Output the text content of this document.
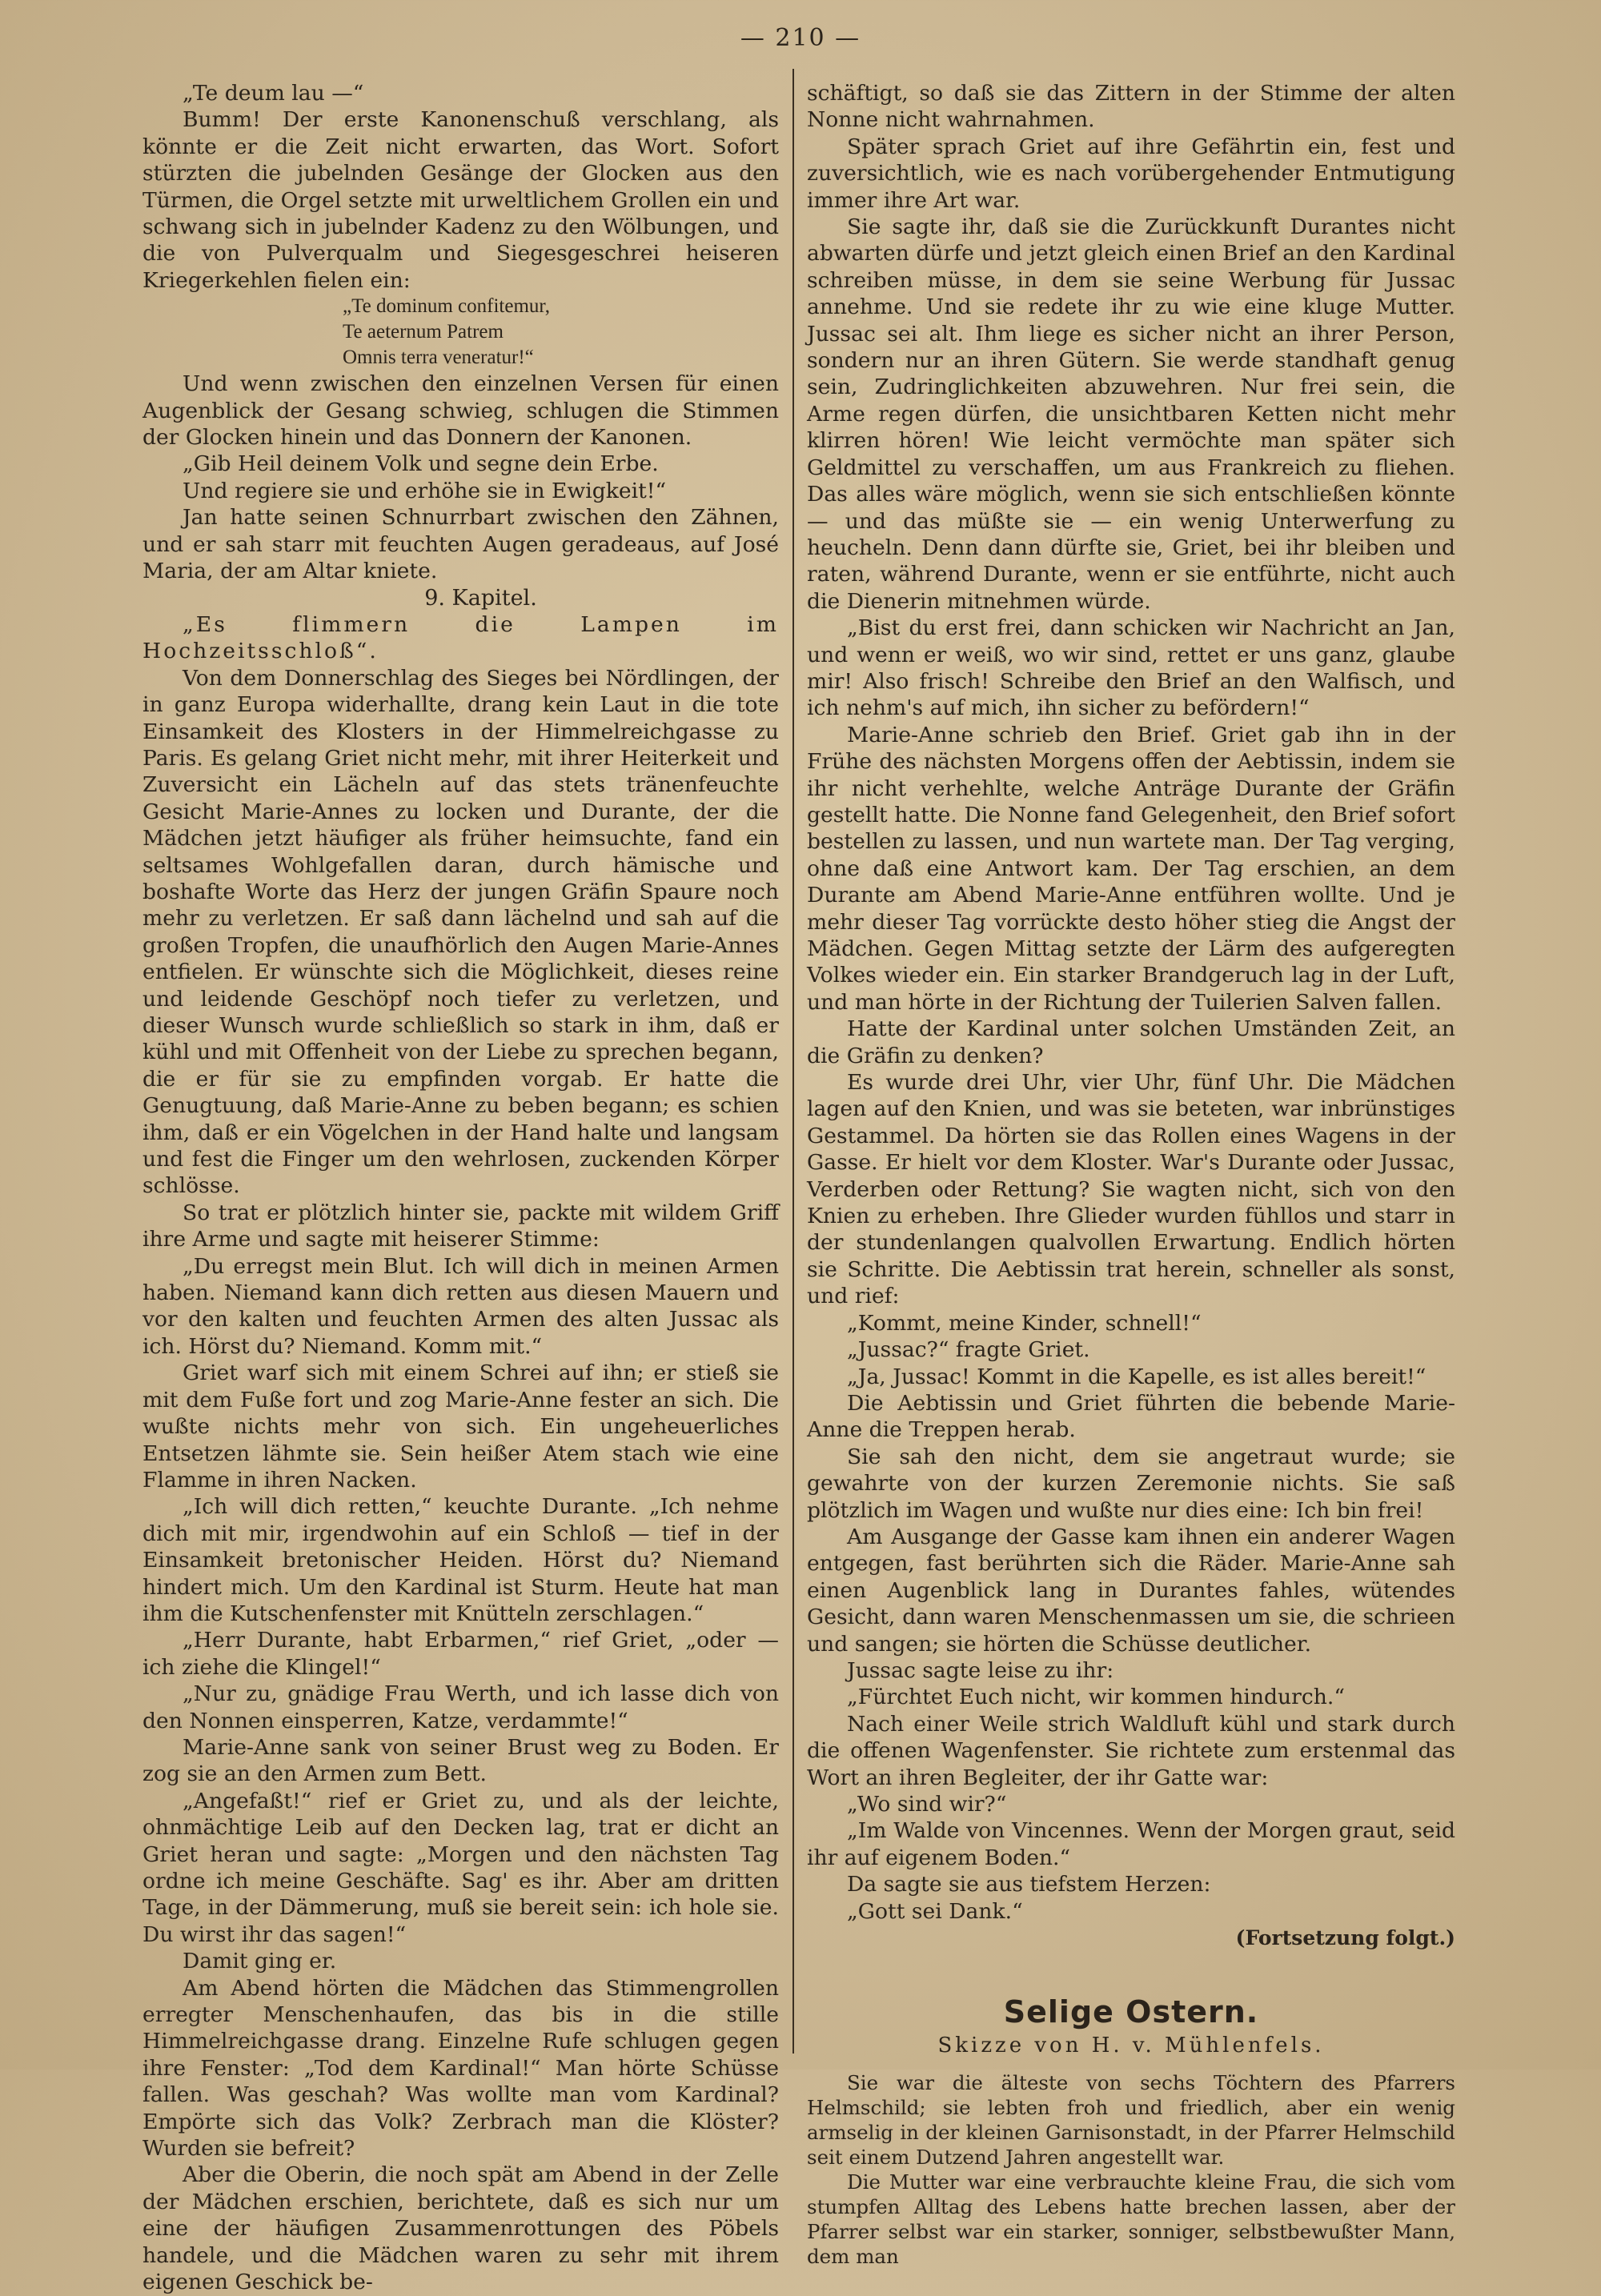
— 210 —

„Te deum lau —“

Bumm! Der erste Kanonenschuß verschlang, als könnte er die Zeit nicht erwarten, das Wort. Sofort stürzten die jubelnden Gesänge der Glocken aus den Türmen, die Orgel setzte mit urweltlichem Grollen ein und schwang sich in jubelnder Kadenz zu den Wölbungen, und die von Pulverqualm und Siegesgeschrei heiseren Kriegerkehlen fielen ein:

„Te dominum confitemur,

Te aeternum Patrem

Omnis terra veneratur!“

Und wenn zwischen den einzelnen Versen für einen Augenblick der Gesang schwieg, schlugen die Stimmen der Glocken hinein und das Donnern der Kanonen.

„Gib Heil deinem Volk und segne dein Erbe.

Und regiere sie und erhöhe sie in Ewigkeit!“

Jan hatte seinen Schnurrbart zwischen den Zähnen, und er sah starr mit feuchten Augen geradeaus, auf José Maria, der am Altar kniete.

9. Kapitel.

„Es flimmern die Lampen im Hochzeitsschloß“.

Von dem Donnerschlag des Sieges bei Nördlingen, der in ganz Europa widerhallte, drang kein Laut in die tote Einsamkeit des Klosters in der Himmelreichgasse zu Paris. Es gelang Griet nicht mehr, mit ihrer Heiterkeit und Zuversicht ein Lächeln auf das stets tränenfeuchte Gesicht Marie-Annes zu locken und Durante, der die Mädchen jetzt häufiger als früher heimsuchte, fand ein seltsames Wohlgefallen daran, durch hämische und boshafte Worte das Herz der jungen Gräfin Spaure noch mehr zu verletzen. Er saß dann lächelnd und sah auf die großen Tropfen, die unaufhörlich den Augen Marie-Annes entfielen. Er wünschte sich die Möglichkeit, dieses reine und leidende Geschöpf noch tiefer zu verletzen, und dieser Wunsch wurde schließlich so stark in ihm, daß er kühl und mit Offenheit von der Liebe zu sprechen begann, die er für sie zu empfinden vorgab. Er hatte die Genugtuung, daß Marie-Anne zu beben begann; es schien ihm, daß er ein Vögelchen in der Hand halte und langsam und fest die Finger um den wehrlosen, zuckenden Körper schlösse.

So trat er plötzlich hinter sie, packte mit wildem Griff ihre Arme und sagte mit heiserer Stimme:

„Du erregst mein Blut. Ich will dich in meinen Armen haben. Niemand kann dich retten aus diesen Mauern und vor den kalten und feuchten Armen des alten Jussac als ich. Hörst du? Niemand. Komm mit.“

Griet warf sich mit einem Schrei auf ihn; er stieß sie mit dem Fuße fort und zog Marie-Anne fester an sich. Die wußte nichts mehr von sich. Ein ungeheuerliches Entsetzen lähmte sie. Sein heißer Atem stach wie eine Flamme in ihren Nacken.

„Ich will dich retten,“ keuchte Durante. „Ich nehme dich mit mir, irgendwohin auf ein Schloß — tief in der Einsamkeit bretonischer Heiden. Hörst du? Niemand hindert mich. Um den Kardinal ist Sturm. Heute hat man ihm die Kutschenfenster mit Knütteln zerschlagen.“

„Herr Durante, habt Erbarmen,“ rief Griet, „oder — ich ziehe die Klingel!“

„Nur zu, gnädige Frau Werth, und ich lasse dich von den Nonnen einsperren, Katze, verdammte!“

Marie-Anne sank von seiner Brust weg zu Boden. Er zog sie an den Armen zum Bett.

„Angefaßt!“ rief er Griet zu, und als der leichte, ohnmächtige Leib auf den Decken lag, trat er dicht an Griet heran und sagte: „Morgen und den nächsten Tag ordne ich meine Geschäfte. Sag' es ihr. Aber am dritten Tage, in der Dämmerung, muß sie bereit sein: ich hole sie. Du wirst ihr das sagen!“

Damit ging er.

Am Abend hörten die Mädchen das Stimmengrollen erregter Menschenhaufen, das bis in die stille Himmelreichgasse drang. Einzelne Rufe schlugen gegen ihre Fenster: „Tod dem Kardinal!“ Man hörte Schüsse fallen. Was geschah? Was wollte man vom Kardinal? Empörte sich das Volk? Zerbrach man die Klöster? Wurden sie befreit?

Aber die Oberin, die noch spät am Abend in der Zelle der Mädchen erschien, berichtete, daß es sich nur um eine der häufigen Zusammenrottungen des Pöbels handele, und die Mädchen waren zu sehr mit ihrem eigenen Geschick be-

schäftigt, so daß sie das Zittern in der Stimme der alten Nonne nicht wahrnahmen.

Später sprach Griet auf ihre Gefährtin ein, fest und zuversichtlich, wie es nach vorübergehender Entmutigung immer ihre Art war.

Sie sagte ihr, daß sie die Zurückkunft Durantes nicht abwarten dürfe und jetzt gleich einen Brief an den Kardinal schreiben müsse, in dem sie seine Werbung für Jussac annehme. Und sie redete ihr zu wie eine kluge Mutter. Jussac sei alt. Ihm liege es sicher nicht an ihrer Person, sondern nur an ihren Gütern. Sie werde standhaft genug sein, Zudringlichkeiten abzuwehren. Nur frei sein, die Arme regen dürfen, die unsichtbaren Ketten nicht mehr klirren hören! Wie leicht vermöchte man später sich Geldmittel zu verschaffen, um aus Frankreich zu fliehen. Das alles wäre möglich, wenn sie sich entschließen könnte — und das müßte sie — ein wenig Unterwerfung zu heucheln. Denn dann dürfte sie, Griet, bei ihr bleiben und raten, während Durante, wenn er sie entführte, nicht auch die Dienerin mitnehmen würde.

„Bist du erst frei, dann schicken wir Nachricht an Jan, und wenn er weiß, wo wir sind, rettet er uns ganz, glaube mir! Also frisch! Schreibe den Brief an den Walfisch, und ich nehm's auf mich, ihn sicher zu befördern!“

Marie-Anne schrieb den Brief. Griet gab ihn in der Frühe des nächsten Morgens offen der Aebtissin, indem sie ihr nicht verhehlte, welche Anträge Durante der Gräfin gestellt hatte. Die Nonne fand Gelegenheit, den Brief sofort bestellen zu lassen, und nun wartete man. Der Tag verging, ohne daß eine Antwort kam. Der Tag erschien, an dem Durante am Abend Marie-Anne entführen wollte. Und je mehr dieser Tag vorrückte desto höher stieg die Angst der Mädchen. Gegen Mittag setzte der Lärm des aufgeregten Volkes wieder ein. Ein starker Brandgeruch lag in der Luft, und man hörte in der Richtung der Tuilerien Salven fallen.

Hatte der Kardinal unter solchen Umständen Zeit, an die Gräfin zu denken?

Es wurde drei Uhr, vier Uhr, fünf Uhr. Die Mädchen lagen auf den Knien, und was sie beteten, war inbrünstiges Gestammel. Da hörten sie das Rollen eines Wagens in der Gasse. Er hielt vor dem Kloster. War's Durante oder Jussac, Verderben oder Rettung? Sie wagten nicht, sich von den Knien zu erheben. Ihre Glieder wurden fühllos und starr in der stundenlangen qualvollen Erwartung. Endlich hörten sie Schritte. Die Aebtissin trat herein, schneller als sonst, und rief:

„Kommt, meine Kinder, schnell!“

„Jussac?“ fragte Griet.

„Ja, Jussac! Kommt in die Kapelle, es ist alles bereit!“

Die Aebtissin und Griet führten die bebende Marie-Anne die Treppen herab.

Sie sah den nicht, dem sie angetraut wurde; sie gewahrte von der kurzen Zeremonie nichts. Sie saß plötzlich im Wagen und wußte nur dies eine: Ich bin frei!

Am Ausgange der Gasse kam ihnen ein anderer Wagen entgegen, fast berührten sich die Räder. Marie-Anne sah einen Augenblick lang in Durantes fahles, wütendes Gesicht, dann waren Menschenmassen um sie, die schrieen und sangen; sie hörten die Schüsse deutlicher.

Jussac sagte leise zu ihr:

„Fürchtet Euch nicht, wir kommen hindurch.“

Nach einer Weile strich Waldluft kühl und stark durch die offenen Wagenfenster. Sie richtete zum erstenmal das Wort an ihren Begleiter, der ihr Gatte war:

„Wo sind wir?“

„Im Walde von Vincennes. Wenn der Morgen graut, seid ihr auf eigenem Boden.“

Da sagte sie aus tiefstem Herzen:

„Gott sei Dank.“

(Fortsetzung folgt.)

Selige Ostern.
Skizze von H. v. Mühlenfels.

Sie war die älteste von sechs Töchtern des Pfarrers Helmschild; sie lebten froh und friedlich, aber ein wenig armselig in der kleinen Garnisonstadt, in der Pfarrer Helmschild seit einem Dutzend Jahren angestellt war.

Die Mutter war eine verbrauchte kleine Frau, die sich vom stumpfen Alltag des Lebens hatte brechen lassen, aber der Pfarrer selbst war ein starker, sonniger, selbstbewußter Mann, dem man
